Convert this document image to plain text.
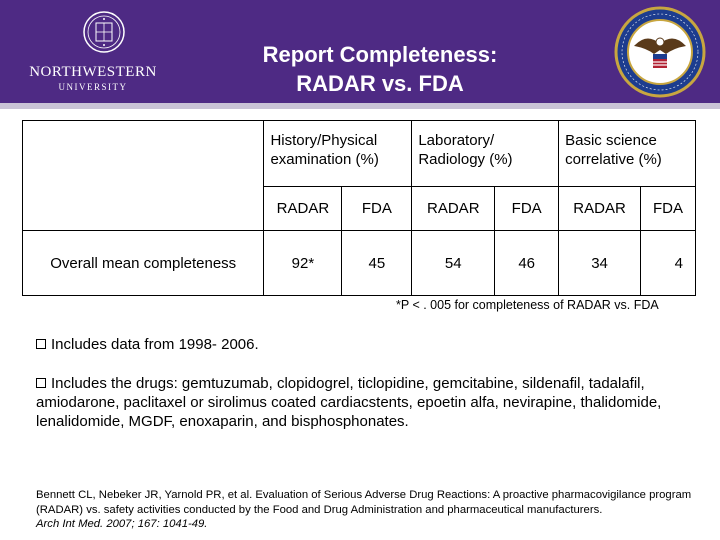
NORTHWESTERN
UNIVERSITY
Report Completeness:
RADAR vs. FDA
	History/Physical examination (%)		Laboratory/ Radiology (%)		Basic science correlative (%)	
	RADAR	FDA	RADAR	FDA	RADAR	FDA
Overall mean completeness	92*	45	54	46	34	4
*P < . 005 for completeness of RADAR vs. FDA
Includes data from 1998- 2006.
Includes the drugs: gemtuzumab, clopidogrel, ticlopidine, gemcitabine, sildenafil, tadalafil, amiodarone, paclitaxel or sirolimus coated cardiacstents, epoetin alfa, nevirapine, thalidomide, lenalidomide, MGDF, enoxaparin, and bisphosphonates.
Bennett CL, Nebeker JR, Yarnold PR, et al. Evaluation of Serious Adverse Drug Reactions: A proactive pharmacovigilance program (RADAR) vs. safety activities conducted by the Food and Drug Administration and pharmaceutical manufacturers.
Arch Int Med. 2007; 167: 1041-49.
